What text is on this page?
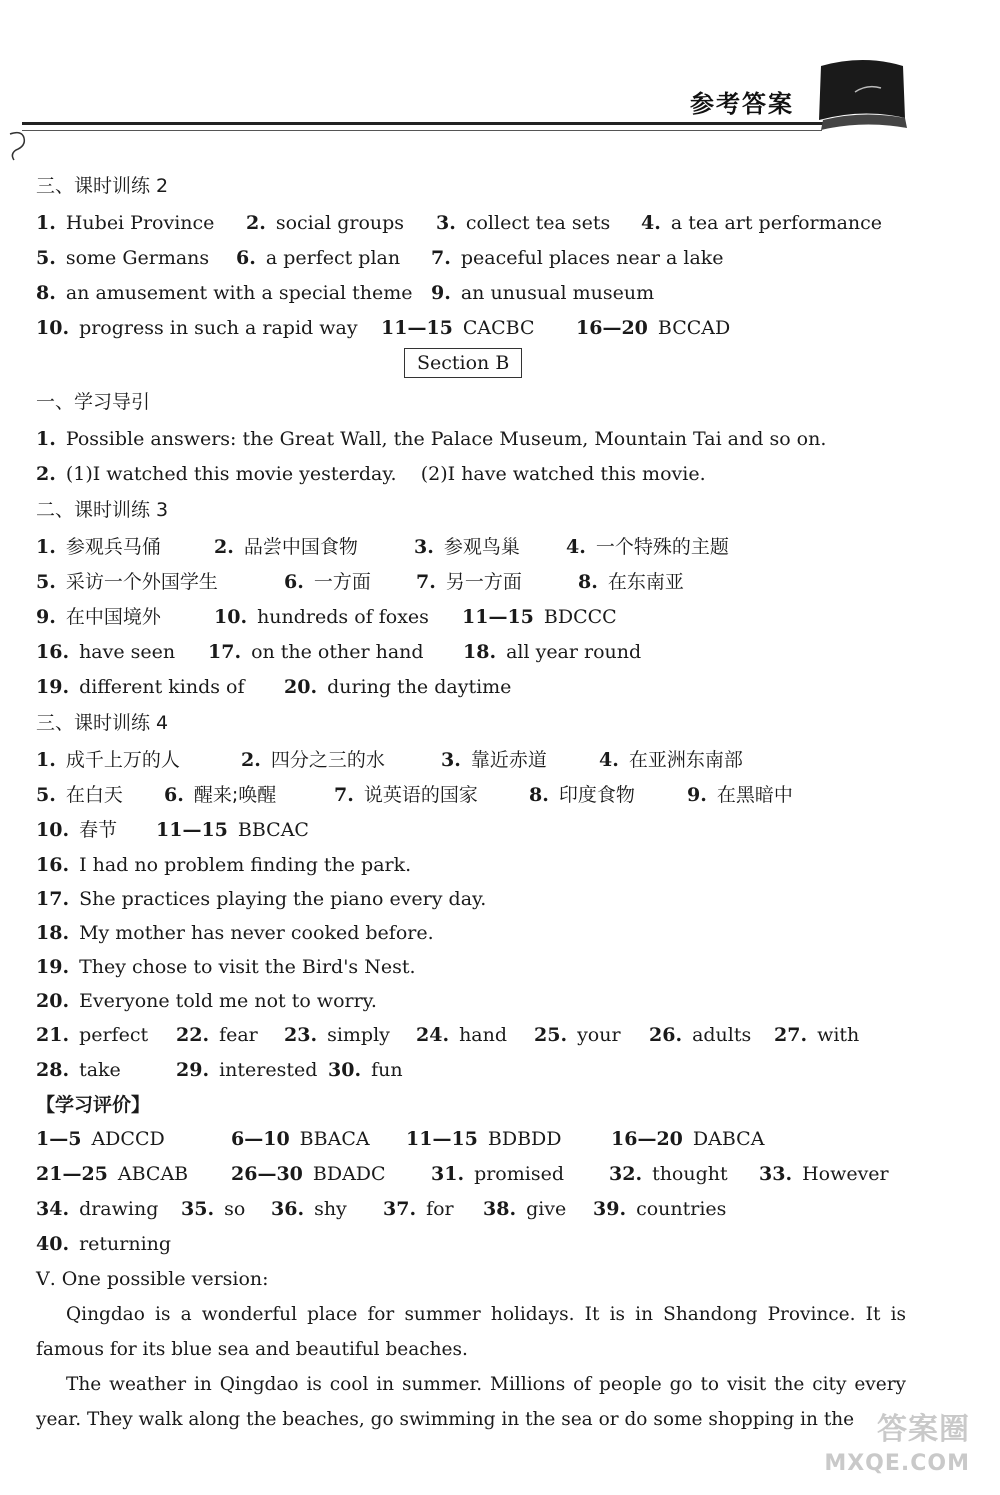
参考答案
三、课时训练 2
1. Hubei Province 2. social groups 3. collect tea sets 4. a tea art performance
5. some Germans 6. a perfect plan 7. peaceful places near a lake
8. an amusement with a special theme 9. an unusual museum
10. progress in such a rapid way 11—15 CACBC 16—20 BCCAD
Section B
一、学习导引
1. Possible answers: the Great Wall, the Palace Museum, Mountain Tai and so on.
2. (1)I watched this movie yesterday.    (2)I have watched this movie.
二、课时训练 3
1. 参观兵马俑	2. 品尝中国食物	3. 参观鸟巢 4. 一个特殊的主题
5. 采访一个外国学生	6. 一方面 7. 另一方面	8. 在东南亚
9. 在中国境外	10. hundreds of foxes 11—15 BDCCC
16. have seen 17. on the other hand 18. all year round
19. different kinds of 20. during the daytime
三、课时训练 4
1. 成千上万的人	2. 四分之三的水	3. 靠近赤道	4. 在亚洲东南部
5. 在白天 6. 醒来;唤醒	7. 说英语的国家	8. 印度食物	9. 在黑暗中
10. 春节 11—15 BBCAC
16. I had no problem finding the park.
17. She practices playing the piano every day.
18. My mother has never cooked before.
19. They chose to visit the Bird's Nest.
20. Everyone told me not to worry.
21. perfect 22. fear 23. simply 24. hand 25. your 26. adults 27. with
28. take	29. interested 30. fun
【学习评价】
1—5 ADCCD	6—10 BBACA 11—15 BDBDD	16—20 DABCA
21—25 ABCAB 26—30 BDADC 31. promised 32. thought 33. However
34. drawing 35. so 36. shy 37. for 38. give 39. countries
40. returning
Ⅴ. One possible version:

Qingdao is a wonderful place for summer holidays. It is in Shandong Province. It is famous for its blue sea and beautiful beaches.

The weather in Qingdao is cool in summer. Millions of people go to visit the city every year. They walk along the beaches, go swimming in the sea or do some shopping in the 答案圈
MXQE.COM
